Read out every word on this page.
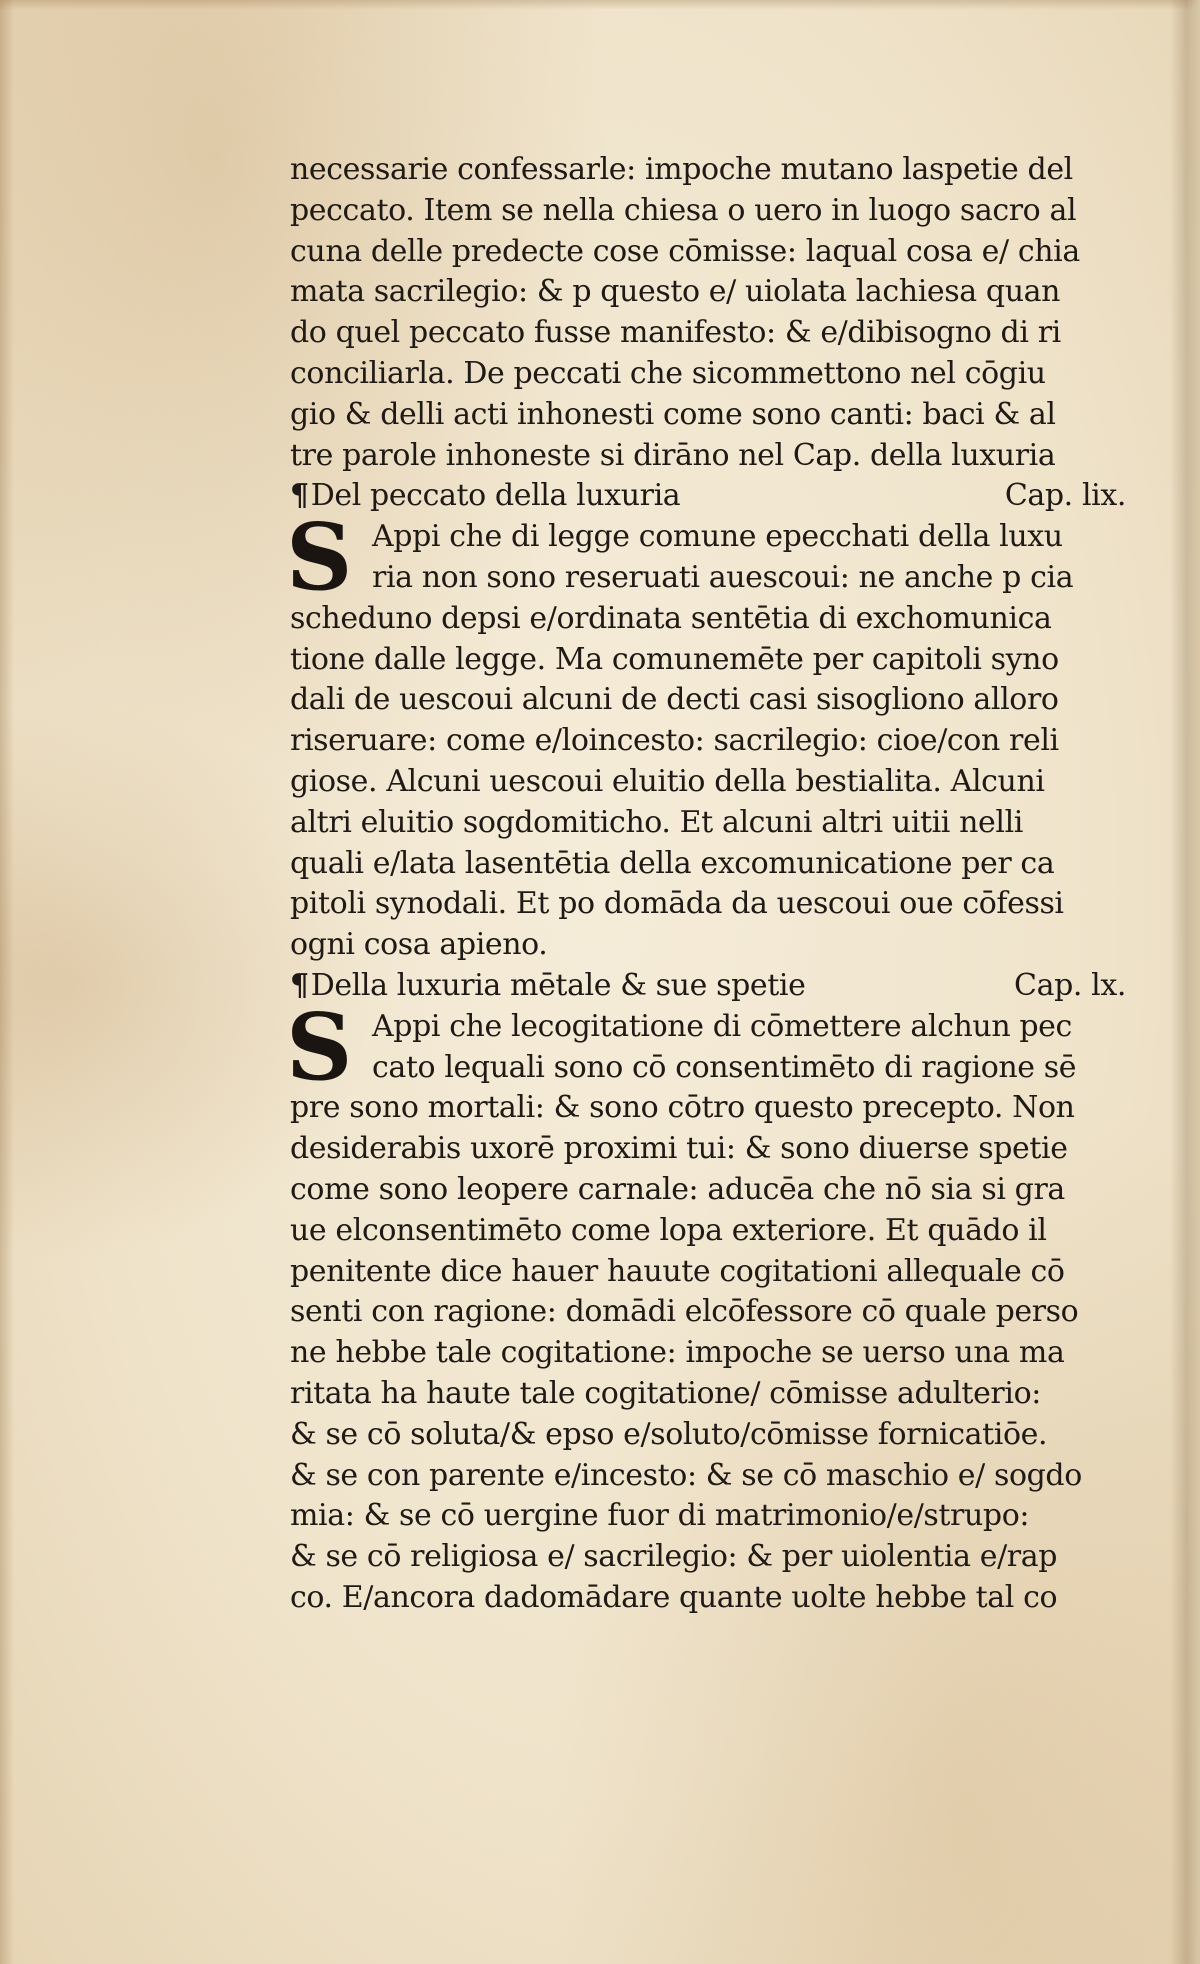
necessarie confessarle: impoche mutano laspetie del
peccato. Item se nella chiesa o uero in luogo sacro al
cuna delle predecte cose cōmisse: laqual cosa e/ chia
mata sacrilegio: & p questo e/ uiolata lachiesa quan
do quel peccato fusse manifesto: & e/dibisogno di ri
conciliarla. De peccati che sicommettono nel cōgiu
gio & delli acti inhonesti come sono canti: baci & al
tre parole inhoneste si dirāno nel Cap. della luxuria
¶Del peccato della luxuria	Cap. lix.
S Appi che di legge comune epecchati della luxu
ria non sono reseruati auescoui: ne anche p cia
scheduno depsi e/ordinata sentētia di exchomunica
tione dalle legge. Ma comunemēte per capitoli syno
dali de uescoui alcuni de decti casi sisogliono alloro
riseruare: come e/loincesto: sacrilegio: cioe/con reli
giose. Alcuni uescoui eluitio della bestialita. Alcuni
altri eluitio sogdomiticho. Et alcuni altri uitii nelli
quali e/lata lasentētia della excomunicatione per ca
pitoli synodali. Et po domāda da uescoui oue cōfessi
ogni cosa apieno.
¶Della luxuria mētale & sue spetie	Cap. lx.
S Appi che lecogitatione di cōmettere alchun pec
cato lequali sono cō consentimēto di ragione sē
pre sono mortali: & sono cōtro questo precepto. Non
desiderabis uxorē proximi tui: & sono diuerse spetie
come sono leopere carnale: aducēa che nō sia si gra
ue elconsentimēto come lopa exteriore. Et quādo il
penitente dice hauer hauute cogitationi allequale cō
senti con ragione: domādi elcōfessore cō quale perso
ne hebbe tale cogitatione: impoche se uerso una ma
ritata ha haute tale cogitatione/ cōmisse adulterio:
& se cō soluta/& epso e/soluto/cōmisse fornicatiōe.
& se con parente e/incesto: & se cō maschio e/ sogdo
mia: & se cō uergine fuor di matrimonio/e/strupo:
& se cō religiosa e/ sacrilegio: & per uiolentia e/rap
co. E/ancora dadomādare quante uolte hebbe tal co
